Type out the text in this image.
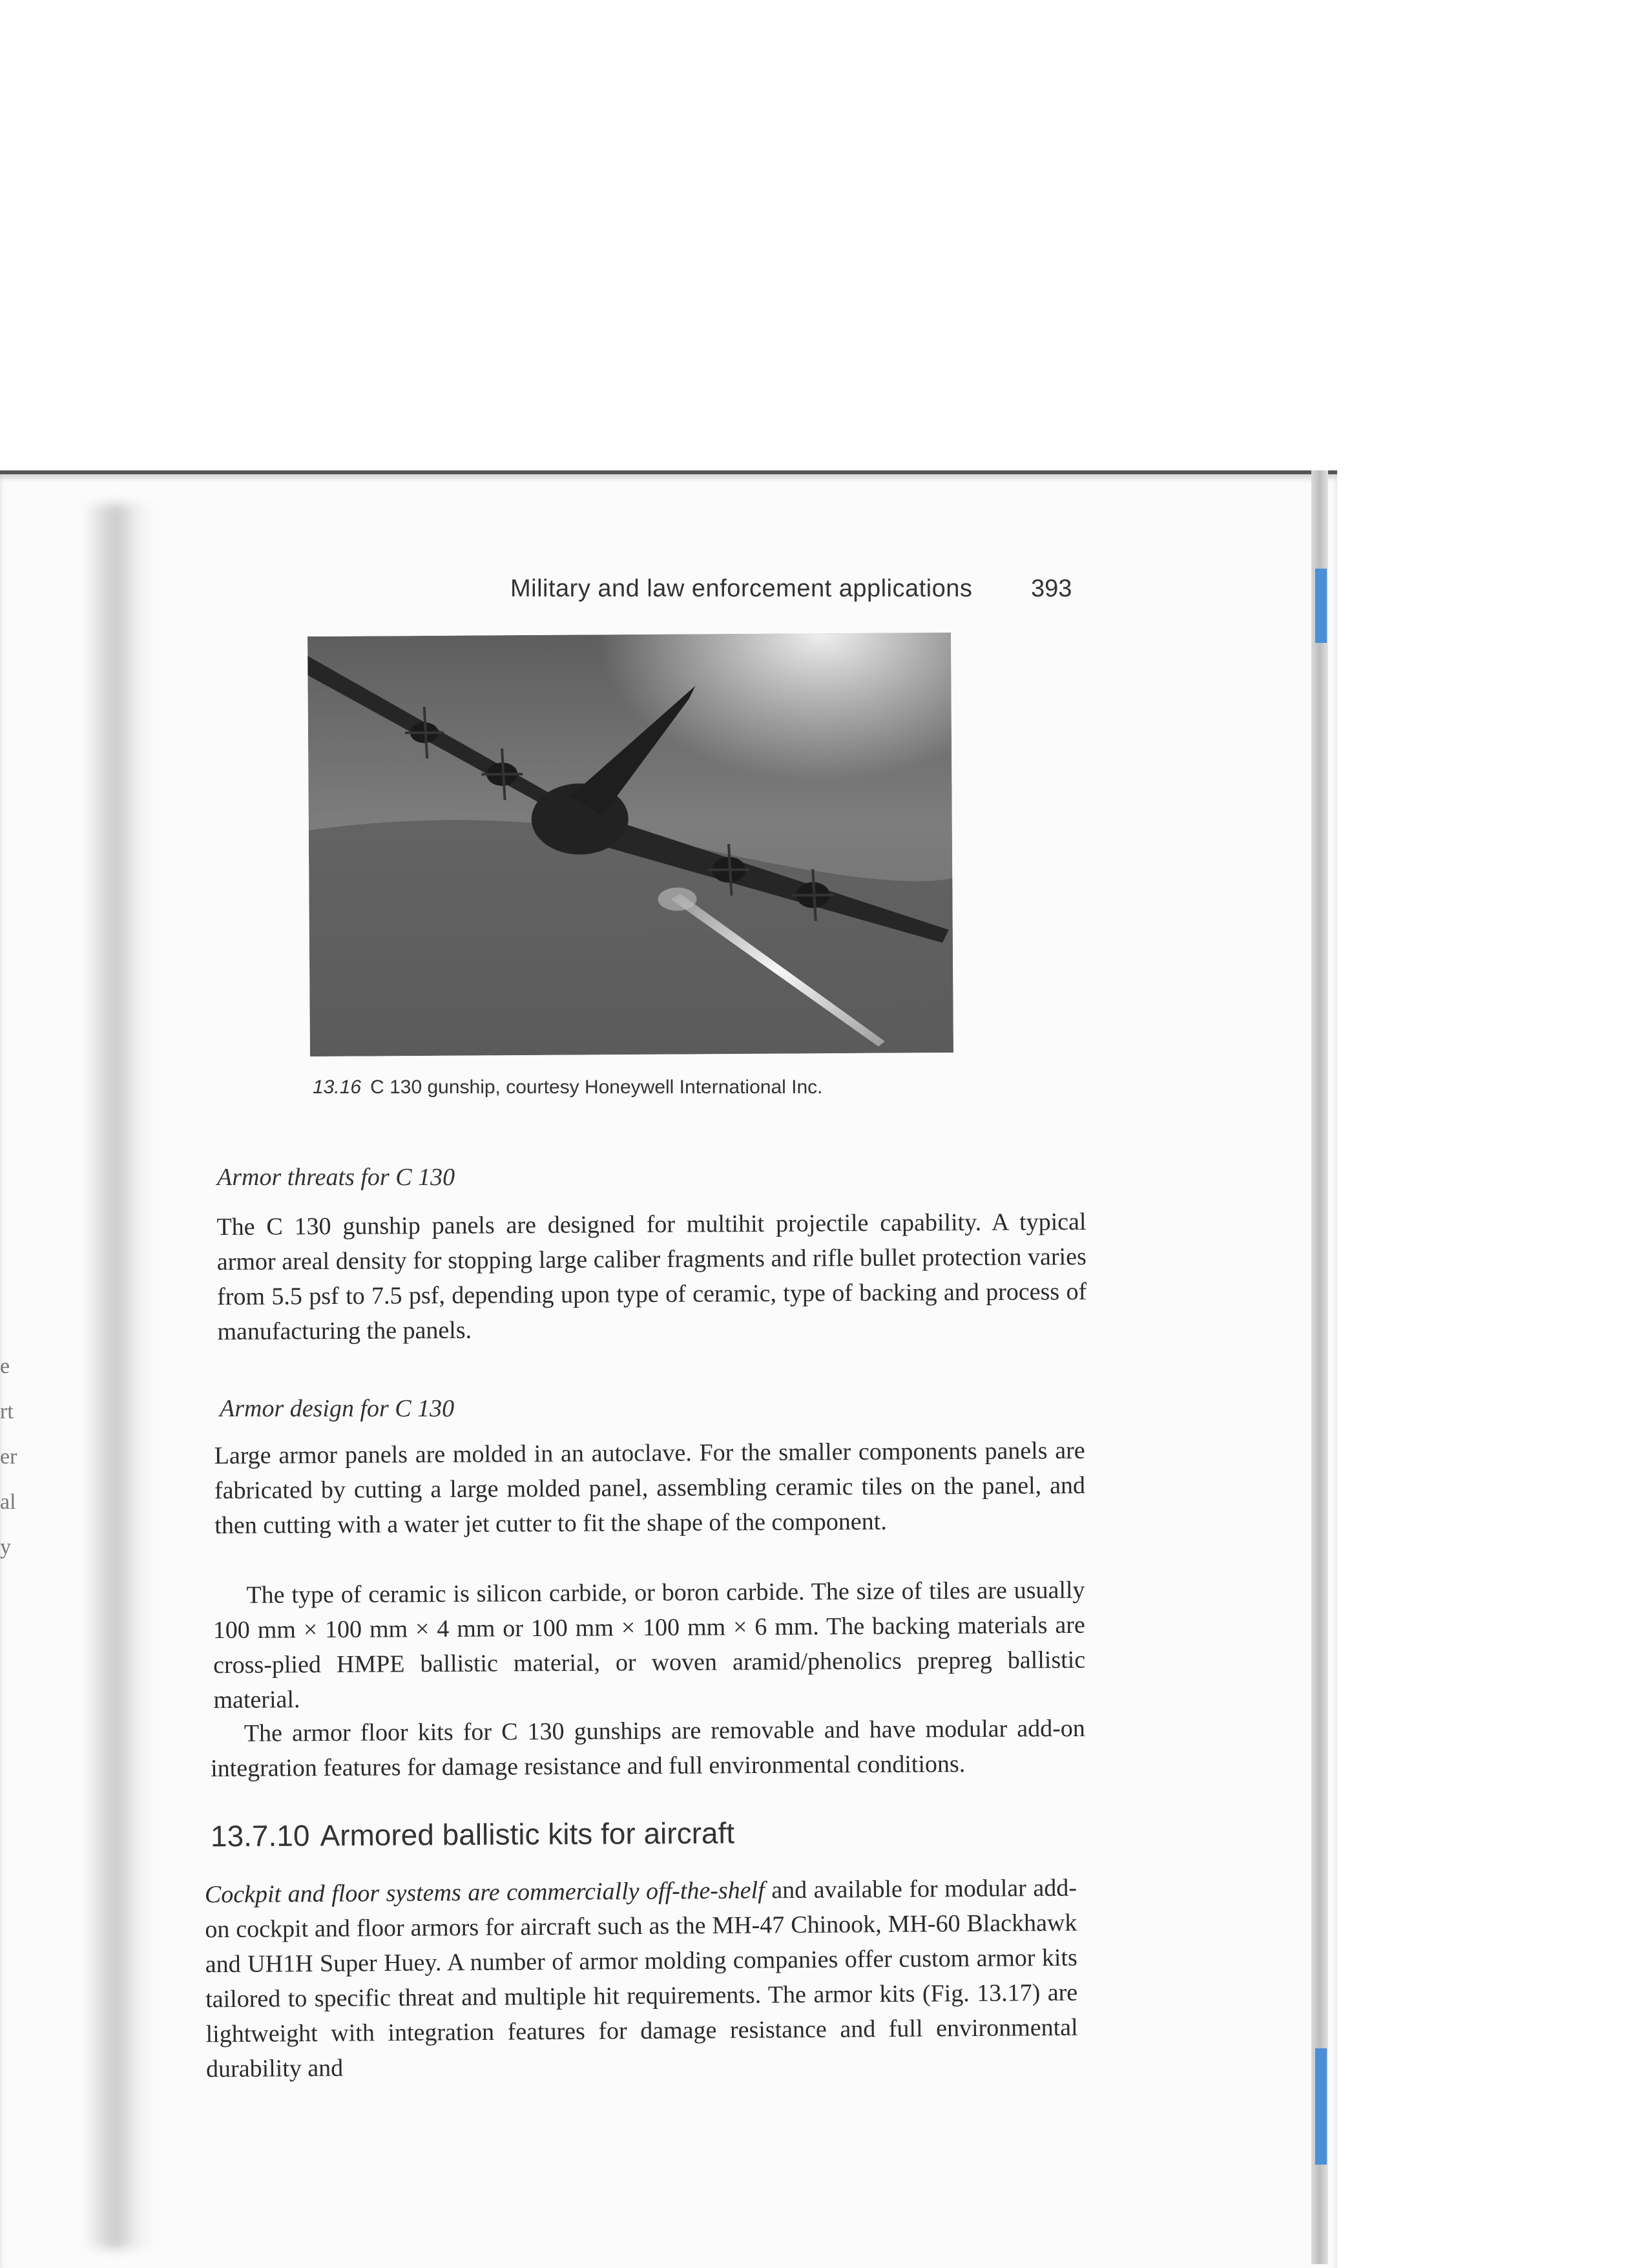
e
rt
er
al
y
Military and law enforcement applications 393
13.16 C 130 gunship, courtesy Honeywell International Inc.
Armor threats for C 130
The C 130 gunship panels are designed for multihit projectile capability. A typical armor areal density for stopping large caliber fragments and rifle bullet protection varies from 5.5 psf to 7.5 psf, depending upon type of ceramic, type of backing and process of manufacturing the panels.
Armor design for C 130
Large armor panels are molded in an autoclave. For the smaller components panels are fabricated by cutting a large molded panel, assembling ceramic tiles on the panel, and then cutting with a water jet cutter to fit the shape of the component.
The type of ceramic is silicon carbide, or boron carbide. The size of tiles are usually 100 mm × 100 mm × 4 mm or 100 mm × 100 mm × 6 mm. The backing materials are cross-plied HMPE ballistic material, or woven aramid/phenolics prepreg ballistic material.
The armor floor kits for C 130 gunships are removable and have modular add-on integration features for damage resistance and full environmental conditions.
13.7.10 Armored ballistic kits for aircraft
Cockpit and floor systems are commercially off-the-shelf and available for modular add-on cockpit and floor armors for aircraft such as the MH-47 Chinook, MH-60 Blackhawk and UH1H Super Huey. A number of armor molding companies offer custom armor kits tailored to specific threat and multiple hit requirements. The armor kits (Fig. 13.17) are lightweight with integration features for damage resistance and full environmental durability and
